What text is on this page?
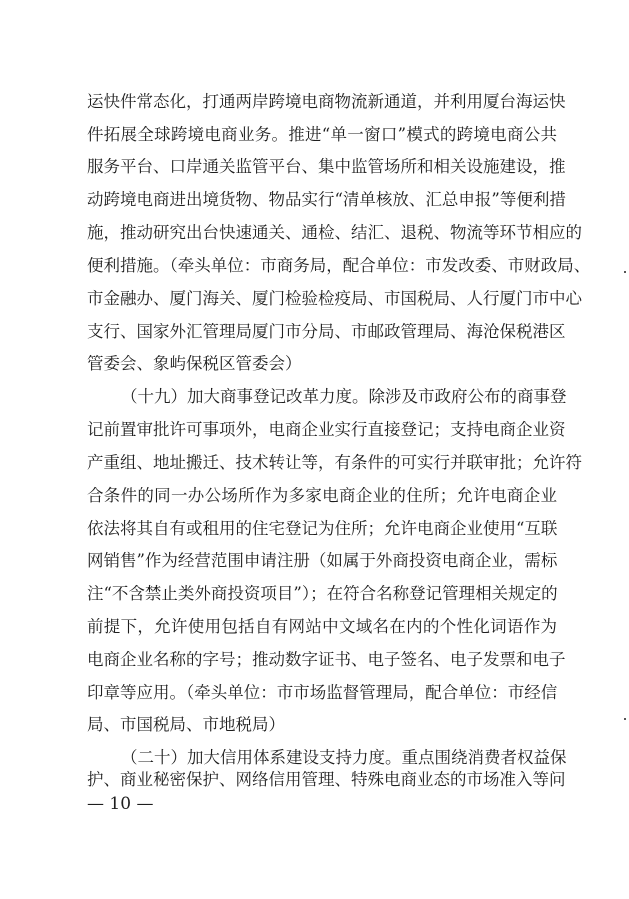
运快件常态化，打通两岸跨境电商物流新通道，并利用厦台海运快
件拓展全球跨境电商业务。推进“单一窗口”模式的跨境电商公共
服务平台、口岸通关监管平台、集中监管场所和相关设施建设，推
动跨境电商进出境货物、物品实行“清单核放、汇总申报”等便利措
施，推动研究出台快速通关、通检、结汇、退税、物流等环节相应的
便利措施。（牵头单位：市商务局，配合单位：市发改委、市财政局、
市金融办、厦门海关、厦门检验检疫局、市国税局、人行厦门市中心
支行、国家外汇管理局厦门市分局、市邮政管理局、海沧保税港区
管委会、象屿保税区管委会）
（十九）加大商事登记改革力度。除涉及市政府公布的商事登
记前置审批许可事项外，电商企业实行直接登记；支持电商企业资
产重组、地址搬迁、技术转让等，有条件的可实行并联审批；允许符
合条件的同一办公场所作为多家电商企业的住所；允许电商企业
依法将其自有或租用的住宅登记为住所；允许电商企业使用“互联
网销售”作为经营范围申请注册（如属于外商投资电商企业，需标
注“不含禁止类外商投资项目”）；在符合名称登记管理相关规定的
前提下，允许使用包括自有网站中文域名在内的个性化词语作为
电商企业名称的字号；推动数字证书、电子签名、电子发票和电子
印章等应用。（牵头单位：市市场监督管理局，配合单位：市经信
局、市国税局、市地税局）
（二十）加大信用体系建设支持力度。重点围绕消费者权益保
护、商业秘密保护、网络信用管理、特殊电商业态的市场准入等问
— 10 —
